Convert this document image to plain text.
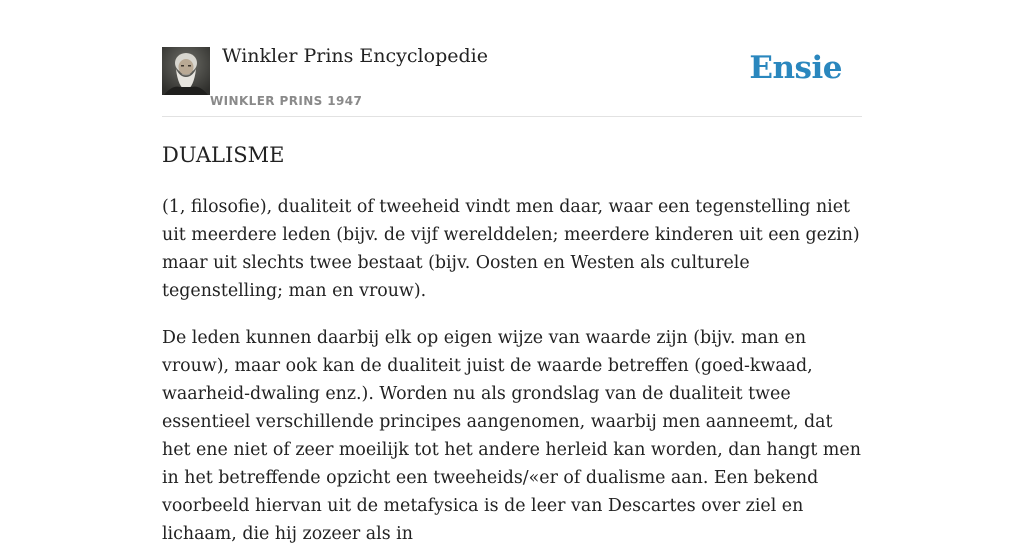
Winkler Prins Encyclopedie
WINKLER PRINS 1947
Ensie
DUALISME

(1, filosofie), dualiteit of tweeheid vindt men daar, waar een tegenstelling niet uit meerdere leden (bijv. de vijf werelddelen; meerdere kinderen uit een gezin) maar uit slechts twee bestaat (bijv. Oosten en Westen als culturele tegenstelling; man en vrouw).

De leden kunnen daarbij elk op eigen wijze van waarde zijn (bijv. man en vrouw), maar ook kan de dualiteit juist de waarde betreffen (goed-kwaad, waarheid-dwaling enz.). Worden nu als grondslag van de dualiteit twee essentieel verschillende principes aangenomen, waarbij men aanneemt, dat het ene niet of zeer moeilijk tot het andere herleid kan worden, dan hangt men in het betreffende opzicht een tweeheids/«er of dualisme aan. Een bekend voorbeeld hiervan uit de metafysica is de leer van Descartes over ziel en lichaam, die hij zozeer als in
